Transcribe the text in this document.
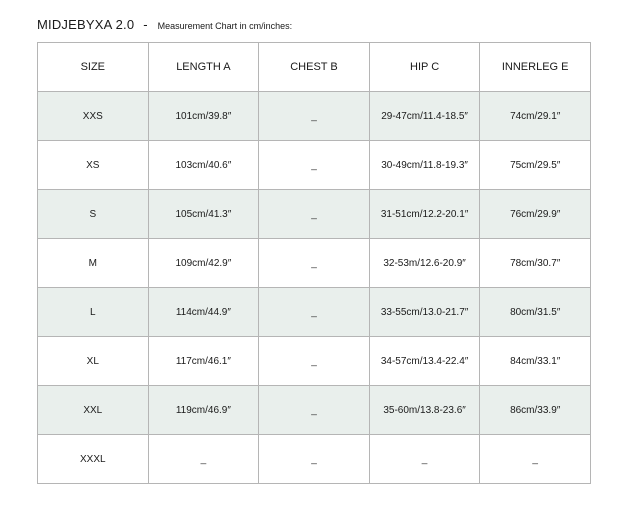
MIDJEBYXA 2.0 - Measurement Chart in cm/inches:
SIZE	LENGTH A	CHEST B	HIP C	INNERLEG E
XXS	101cm/39.8″	_	29-47cm/11.4-18.5″	74cm/29.1″
XS	103cm/40.6″	_	30-49cm/11.8-19.3″	75cm/29.5″
S	105cm/41.3″	_	31-51cm/12.2-20.1″	76cm/29.9″
M	109cm/42.9″	_	32-53m/12.6-20.9″	78cm/30.7″
L	114cm/44.9″	_	33-55cm/13.0-21.7″	80cm/31.5″
XL	117cm/46.1″	_	34-57cm/13.4-22.4″	84cm/33.1″
XXL	119cm/46.9″	_	35-60m/13.8-23.6″	86cm/33.9″
XXXL	_	_	_	_
